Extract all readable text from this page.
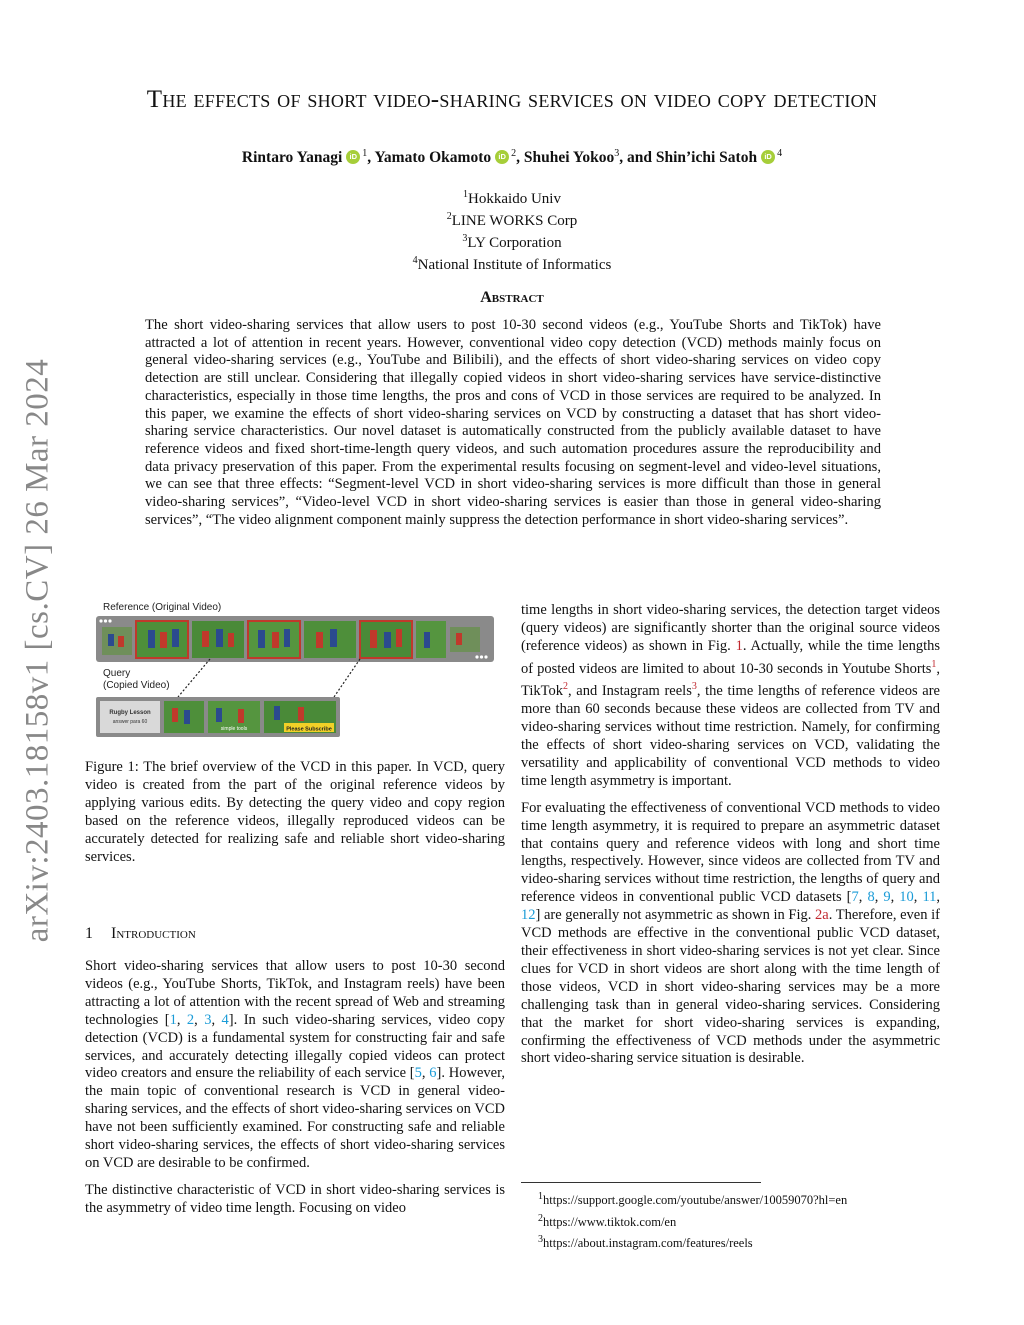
arXiv:2403.18158v1 [cs.CV] 26 Mar 2024
The effects of short video-sharing services on video copy detection
Rintaro Yanagi iD $^1$, Yamato Okamoto iD $^2$, Shuhei Yokoo$^3$, and Shin’ichi Satoh iD $^4$
$^1$Hokkaido Univ
$^2$LINE WORKS Corp
$^3$LY Corporation
$^4$National Institute of Informatics
Abstract
The short video-sharing services that allow users to post 10-30 second videos (e.g., YouTube Shorts and TikTok) have attracted a lot of attention in recent years. However, conventional video copy detection (VCD) methods mainly focus on general video-sharing services (e.g., YouTube and Bilibili), and the effects of short video-sharing services on video copy detection are still unclear. Considering that illegally copied videos in short video-sharing services have service-distinctive characteristics, especially in those time lengths, the pros and cons of VCD in those services are required to be analyzed. In this paper, we examine the effects of short video-sharing services on VCD by constructing a dataset that has short video-sharing service characteristics. Our novel dataset is automatically constructed from the publicly available dataset to have reference videos and fixed short-time-length query videos, and such automation procedures assure the reproducibility and data privacy preservation of this paper. From the experimental results focusing on segment-level and video-level situations, we can see that three effects: “Segment-level VCD in short video-sharing services is more difficult than those in general video-sharing services”, “Video-level VCD in short video-sharing services is easier than those in general video-sharing services”, “The video alignment component mainly suppress the detection performance in short video-sharing services”.
Reference (Original Video)
Query
(Copied Video)
Rugby Lesson
answer para 60
simple tools	Please Subscribe
Figure 1: The brief overview of the VCD in this paper. In VCD, query video is created from the part of the original reference videos by applying various edits. By detecting the query video and copy region based on the reference videos, illegally reproduced videos can be accurately detected for realizing safe and reliable short video-sharing services.
1 Introduction

Short video-sharing services that allow users to post 10-30 second videos (e.g., YouTube Shorts, TikTok, and Instagram reels) have been attracting a lot of attention with the recent spread of Web and streaming technologies [1, 2, 3, 4]. In such video-sharing services, video copy detection (VCD) is a fundamental system for constructing fair and safe services, and accurately detecting illegally copied videos can protect video creators and ensure the reliability of each service [5, 6]. However, the main topic of conventional research is VCD in general video-sharing services, and the effects of short video-sharing services on VCD have not been sufficiently examined. For constructing safe and reliable short video-sharing services, the effects of short video-sharing services on VCD are desirable to be confirmed.

The distinctive characteristic of VCD in short video-sharing services is the asymmetry of video time length. Focusing on video

time lengths in short video-sharing services, the detection target videos (query videos) are significantly shorter than the original source videos (reference videos) as shown in Fig. 1. Actually, while the time lengths of posted videos are limited to about 10-30 seconds in Youtube Shorts$^1$, TikTok$^2$, and Instagram reels$^3$, the time lengths of reference videos are more than 60 seconds because these videos are collected from TV and video-sharing services without time restriction. Namely, for confirming the effects of short video-sharing services on VCD, validating the versatility and applicability of conventional VCD methods to video time length asymmetry is important.

For evaluating the effectiveness of conventional VCD methods to video time length asymmetry, it is required to prepare an asymmetric dataset that contains query and reference videos with long and short time lengths, respectively. However, since videos are collected from TV and video-sharing services without time restriction, the lengths of query and reference videos in conventional public VCD datasets [7, 8, 9, 10, 11, 12] are generally not asymmetric as shown in Fig. 2a. Therefore, even if VCD methods are effective in the conventional public VCD dataset, their effectiveness in short video-sharing services is not yet clear. Since clues for VCD in short videos are short along with the time length of those videos, VCD in short video-sharing services may be a more challenging task than in general video-sharing services. Considering that the market for short video-sharing services is expanding, confirming the effectiveness of VCD methods under the asymmetric short video-sharing service situation is desirable.

$^1$https://support.google.com/youtube/answer/10059070?hl=en
$^2$https://www.tiktok.com/en
$^3$https://about.instagram.com/features/reels
